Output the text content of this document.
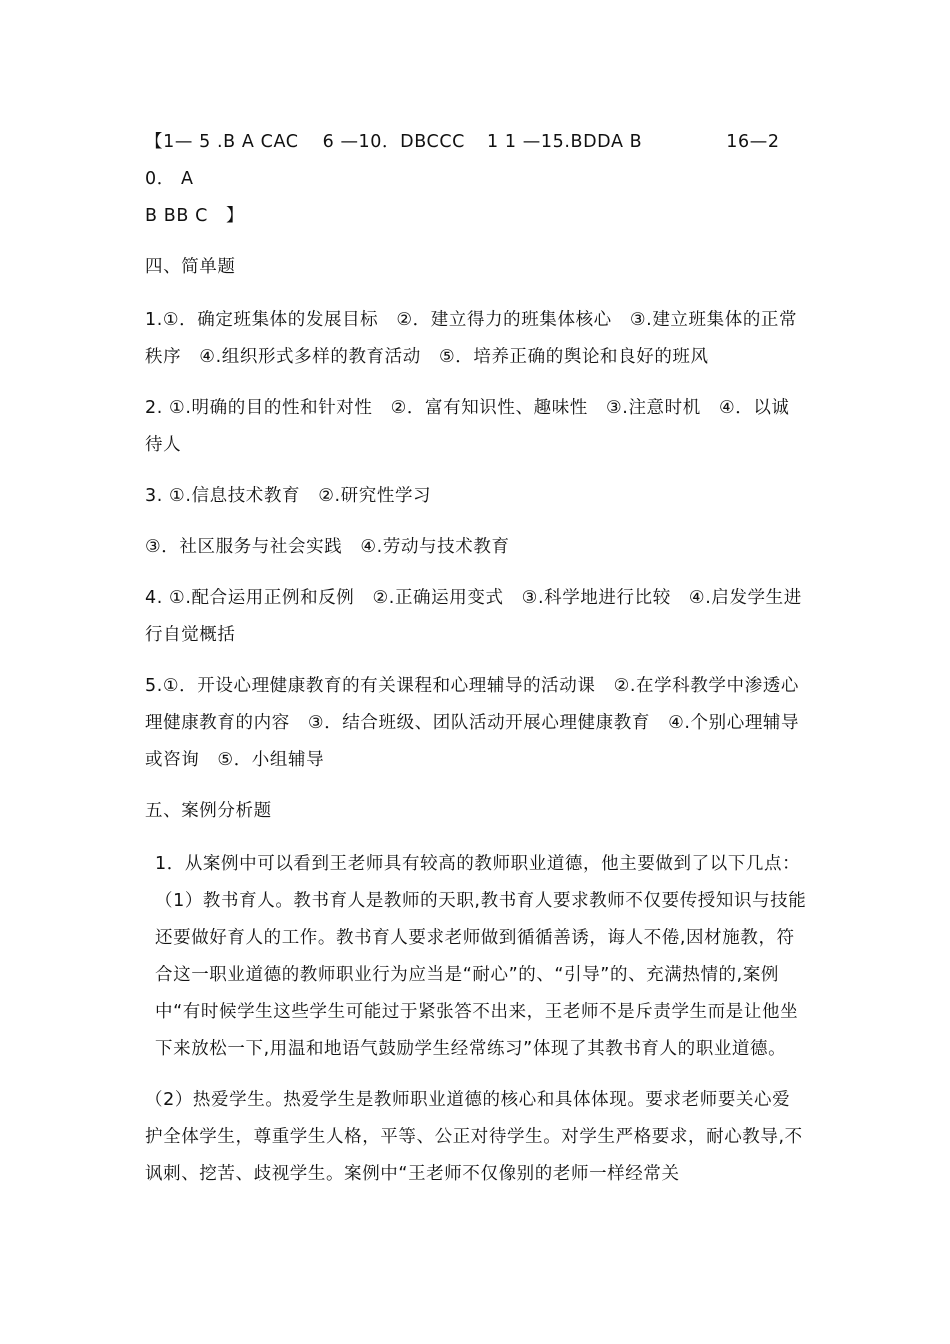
【1— 5 .B A CAC 6 —10．DBCCC 1 1 —15.BDDA B	16—20． A
B BB C　】

四、简单题

1.①．确定班集体的发展目标　②．建立得力的班集体核心　③.建立班集体的正常秩序　④.组织形式多样的教育活动　⑤．培养正确的舆论和良好的班风

2. ①.明确的目的性和针对性　②．富有知识性、趣味性　③.注意时机　④．以诚待人

3. ①.信息技术教育　②.研究性学习

③．社区服务与社会实践　④.劳动与技术教育

4. ①.配合运用正例和反例　②.正确运用变式　③.科学地进行比较　④.启发学生进行自觉概括

5.①．开设心理健康教育的有关课程和心理辅导的活动课　②.在学科教学中渗透心理健康教育的内容　③．结合班级、团队活动开展心理健康教育　④.个别心理辅导或咨询　⑤．小组辅导

五、案例分析题

1．从案例中可以看到王老师具有较高的教师职业道德，他主要做到了以下几点：　（1）教书育人。教书育人是教师的天职,教书育人要求教师不仅要传授知识与技能还要做好育人的工作。教书育人要求老师做到循循善诱，诲人不倦,因材施教，符合这一职业道德的教师职业行为应当是“耐心”的、“引导”的、充满热情的,案例中“有时候学生这些学生可能过于紧张答不出来，王老师不是斥责学生而是让他坐下来放松一下,用温和地语气鼓励学生经常练习”体现了其教书育人的职业道德。

（2）热爱学生。热爱学生是教师职业道德的核心和具体体现。要求老师要关心爱护全体学生，尊重学生人格，平等、公正对待学生。对学生严格要求，耐心教导,不讽刺、挖苦、歧视学生。案例中“王老师不仅像别的老师一样经常关
